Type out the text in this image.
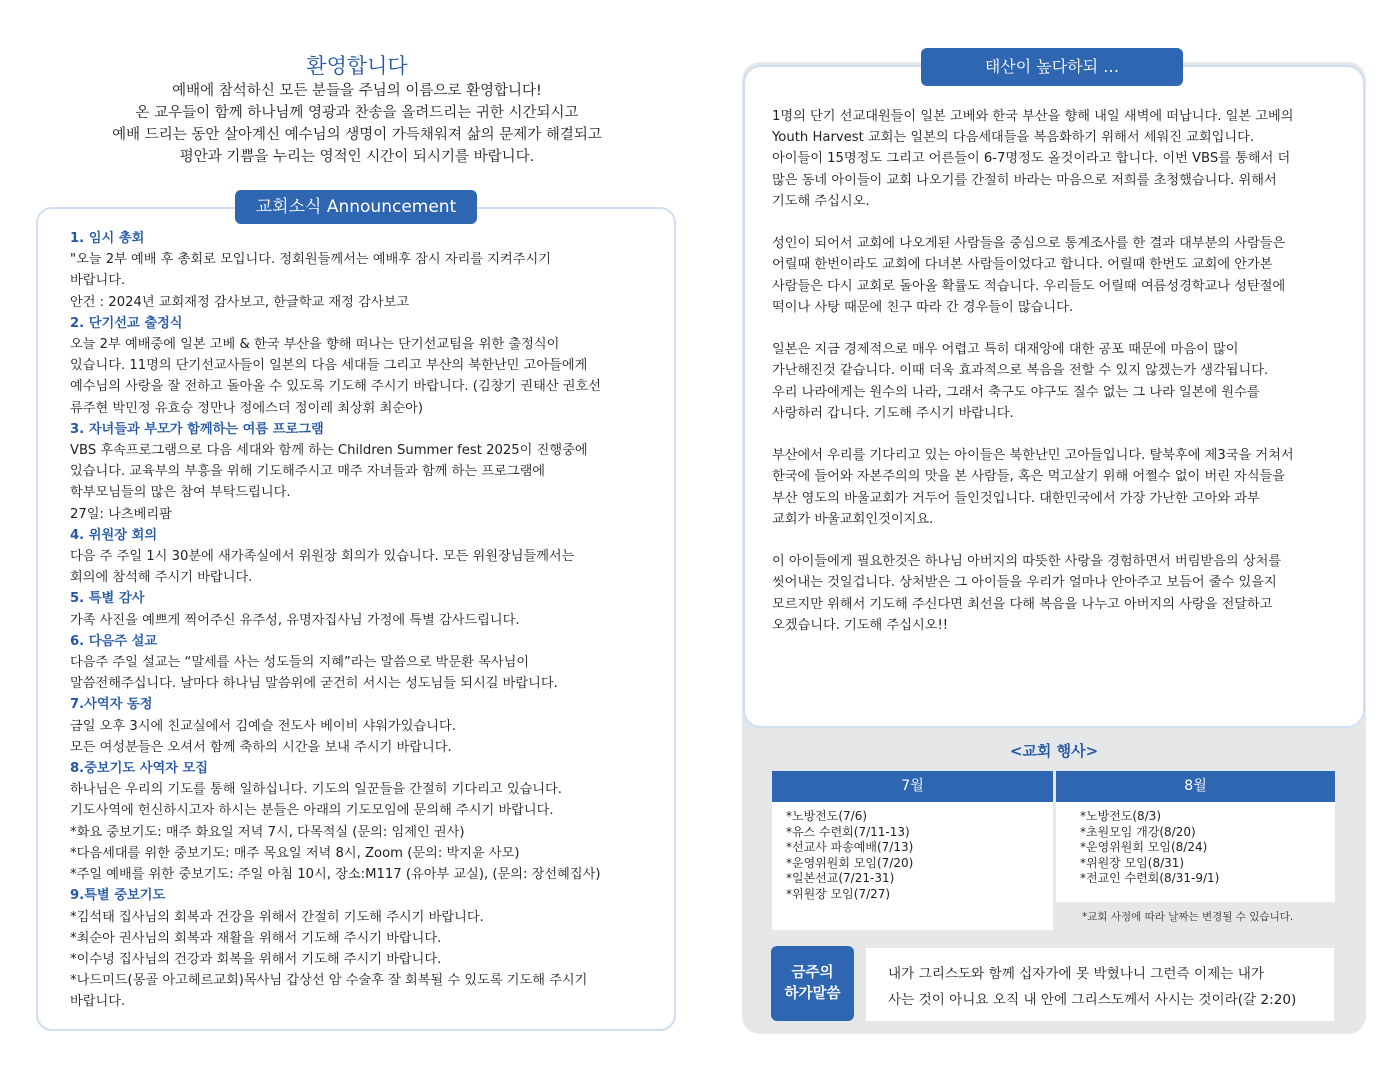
환영합니다

예배에 참석하신 모든 분들을 주님의 이름으로 환영합니다!
온 교우들이 함께 하나님께 영광과 찬송을 올려드리는 귀한 시간되시고
예배 드리는 동안 살아계신 예수님의 생명이 가득채워져 삶의 문제가 해결되고
평안과 기쁨을 누리는 영적인 시간이 되시기를 바랍니다.

교회소식 Announcement
1. 임시 총회
"오늘 2부 예배 후 총회로 모입니다. 정회원들께서는 예배후 잠시 자리를 지켜주시기
바랍니다.
안건 : 2024년 교회재정 감사보고, 한글학교 재정 감사보고
2. 단기선교 출정식
오늘 2부 예배중에 일본 고베 & 한국 부산을 향해 떠나는 단기선교팀을 위한 출정식이
있습니다. 11명의 단기선교사들이 일본의 다음 세대들 그리고 부산의 북한난민 고아들에게
예수님의 사랑을 잘 전하고 돌아올 수 있도록 기도해 주시기 바랍니다. (김창기 권태산 권호선
류주현 박민정 유효승 정만나 정에스더 정이레 최상휘 최순아)
3. 자녀들과 부모가 함께하는 여름 프로그램
VBS 후속프로그램으로 다음 세대와 함께 하는 Children Summer fest 2025이 진행중에
있습니다. 교육부의 부흥을 위해 기도해주시고 매주 자녀들과 함께 하는 프로그램에
학부모님들의 많은 참여 부탁드립니다.
27일: 나츠베리팜
4. 위원장 회의
다음 주 주일 1시 30분에 새가족실에서 위원장 회의가 있습니다. 모든 위원장님들께서는
회의에 참석해 주시기 바랍니다.
5. 특별 감사
가족 사진을 예쁘게 찍어주신 유주성, 유명자집사님 가정에 특별 감사드립니다.
6. 다음주 설교
다음주 주일 설교는 “말세를 사는 성도들의 지혜”라는 말씀으로 박문환 목사님이
말씀전해주십니다. 날마다 하나님 말씀위에 굳건히 서시는 성도님들 되시길 바랍니다.
7.사역자 동정
금일 오후 3시에 친교실에서 김예슬 전도사 베이비 샤워가있습니다.
모든 여성분들은 오셔서 함께 축하의 시간을 보내 주시기 바랍니다.
8.중보기도 사역자 모집
하나님은 우리의 기도를 통해 일하십니다. 기도의 일꾼들을 간절히 기다리고 있습니다.
기도사역에 헌신하시고자 하시는 분들은 아래의 기도모임에 문의해 주시기 바랍니다.
*화요 중보기도: 매주 화요일 저녁 7시, 다목적실 (문의: 임제인 권사)
*다음세대를 위한 중보기도: 매주 목요일 저녁 8시, Zoom (문의: 박지윤 사모)
*주일 예배를 위한 중보기도: 주일 아침 10시, 장소:M117 (유아부 교실), (문의: 장선혜집사)
9.특별 중보기도
*김석태 집사님의 회복과 건강을 위해서 간절히 기도해 주시기 바랍니다.
*최순아 권사님의 회복과 재활을 위해서 기도해 주시기 바랍니다.
*이수녕 집사님의 건강과 회복을 위해서 기도해 주시기 바랍니다.
*나드미드(몽골 아고헤르교회)목사님 갑상선 암 수술후 잘 회복될 수 있도록 기도해 주시기
바랍니다.
태산이 높다하되 …
1명의 단기 선교대원들이 일본 고베와 한국 부산을 향해 내일 새벽에 떠납니다. 일본 고베의
Youth Harvest 교회는 일본의 다음세대들을 복음화하기 위해서 세워진 교회입니다.
아이들이 15명정도 그리고 어른들이 6-7명정도 올것이라고 합니다. 이번 VBS를 통해서 더
많은 동네 아이들이 교회 나오기를 간절히 바라는 마음으로 저희를 초청했습니다. 위해서
기도해 주십시오.
성인이 되어서 교회에 나오게된 사람들을 중심으로 통계조사를 한 결과 대부분의 사람들은
어릴때 한번이라도 교회에 다녀본 사람들이었다고 합니다. 어릴때 한번도 교회에 안가본
사람들은 다시 교회로 돌아올 확률도 적습니다. 우리들도 어릴때 여름성경학교나 성탄절에
떡이나 사탕 때문에 친구 따라 간 경우들이 많습니다.
일본은 지금 경제적으로 매우 어렵고 특히 대재앙에 대한 공포 때문에 마음이 많이
가난해진것 같습니다. 이때 더욱 효과적으로 복음을 전할 수 있지 않겠는가 생각됩니다.
우리 나라에게는 원수의 나라, 그래서 축구도 야구도 질수 없는 그 나라 일본에 원수를
사랑하러 갑니다. 기도해 주시기 바랍니다.
부산에서 우리를 기다리고 있는 아이들은 북한난민 고아들입니다. 탈북후에 제3국을 거쳐서
한국에 들어와 자본주의의 맛을 본 사람들, 혹은 먹고살기 위해 어쩔수 없이 버린 자식들을
부산 영도의 바울교회가 거두어 들인것입니다. 대한민국에서 가장 가난한 고아와 과부
교회가 바울교회인것이지요.
이 아이들에게 필요한것은 하나님 아버지의 따뜻한 사랑을 경험하면서 버림받음의 상처를
씻어내는 것일겁니다. 상처받은 그 아이들을 우리가 얼마나 안아주고 보듬어 줄수 있을지
모르지만 위해서 기도해 주신다면 최선을 다해 복음을 나누고 아버지의 사랑을 전달하고
오겠습니다. 기도해 주십시오!!
<교회 행사>
7월	8월
*노방전도(7/6)
*유스 수련회(7/11-13)
*선교사 파송예배(7/13)
*운영위원회 모임(7/20)
*일본선교(7/21-31)
*위원장 모임(7/27)
*노방전도(8/3)
*초원모임 개강(8/20)
*운영위원회 모임(8/24)
*위원장 모임(8/31)
*전교인 수련회(8/31-9/1)

*교회 사정에 따라 날짜는 변경될 수 있습니다.

금주의
하가말씀
내가 그리스도와 함께 십자가에 못 박혔나니 그런즉 이제는 내가
사는 것이 아니요 오직 내 안에 그리스도께서 사시는 것이라(갈 2:20)
